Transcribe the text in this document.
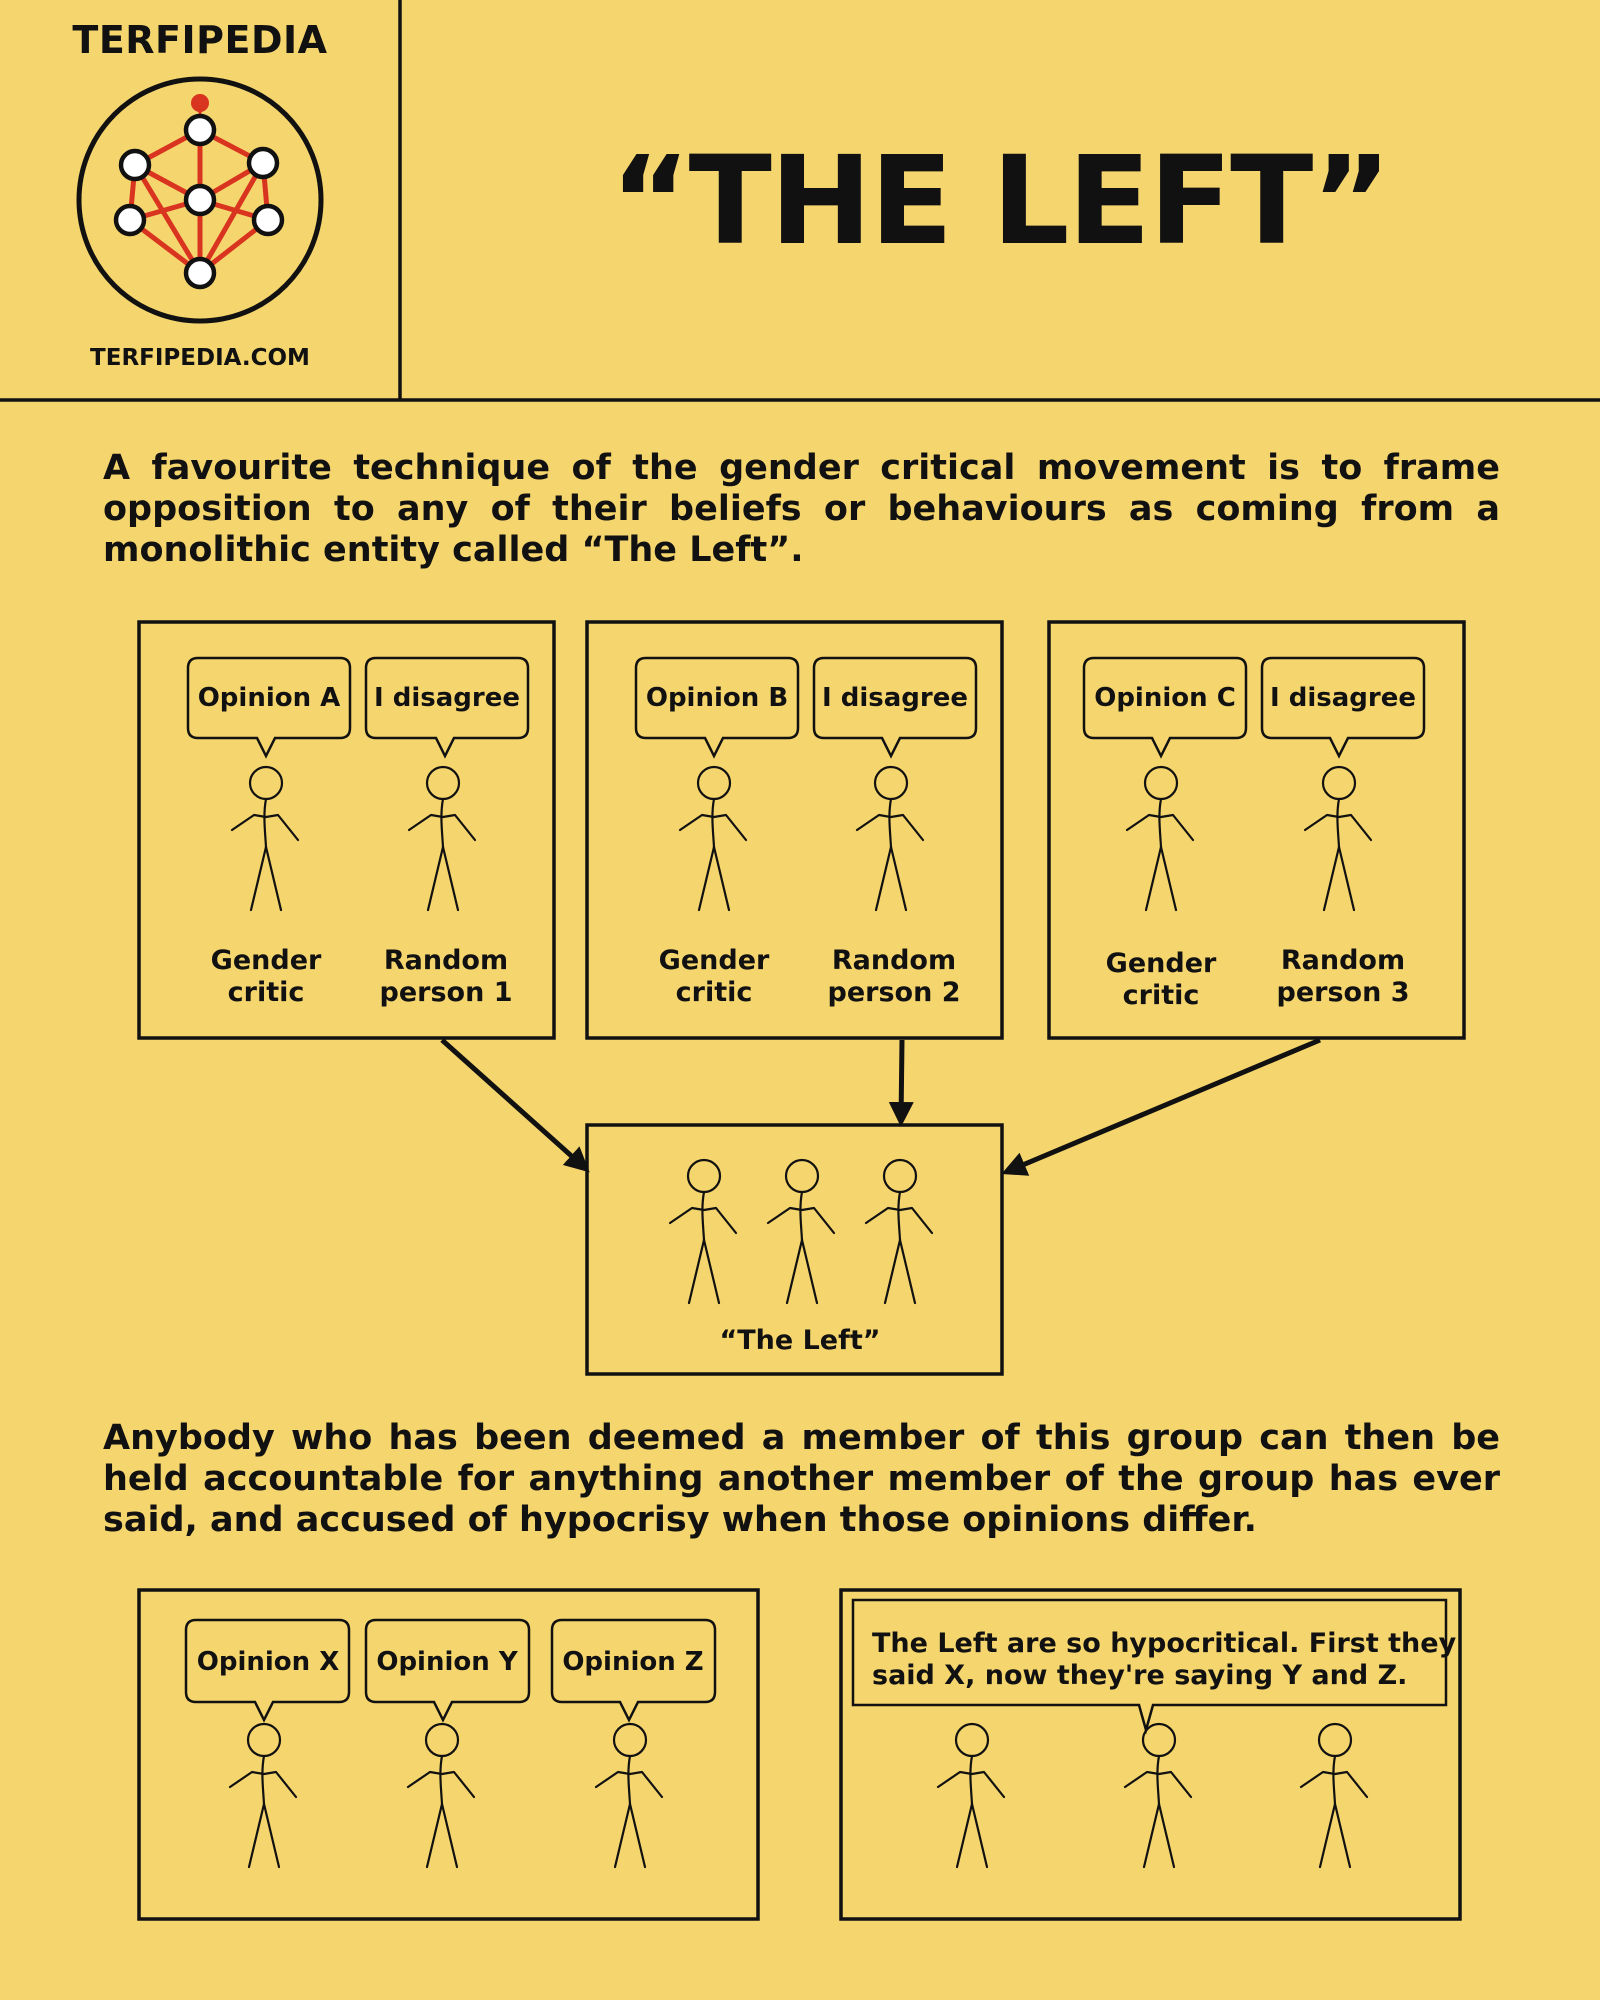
TERFIPEDIA
TERFIPEDIA.COM
“THE LEFT”
A favourite technique of the gender critical movement is to frame opposition to any of their beliefs or behaviours as coming from a monolithic entity called “The Left”.
Opinion A I disagree
Gender
critic
Random
person 1
Opinion B I disagree
Gender
critic
Random
person 2
Opinion C I disagree
Gender
critic
Random
person 3
“The Left”
Opinion X Opinion Y Opinion Z
The Left are so hypocritical. First they
said X, now they're saying Y and Z.
Anybody who has been deemed a member of this group can then be held accountable for anything another member of the group has ever said, and accused of hypocrisy when those opinions differ.
